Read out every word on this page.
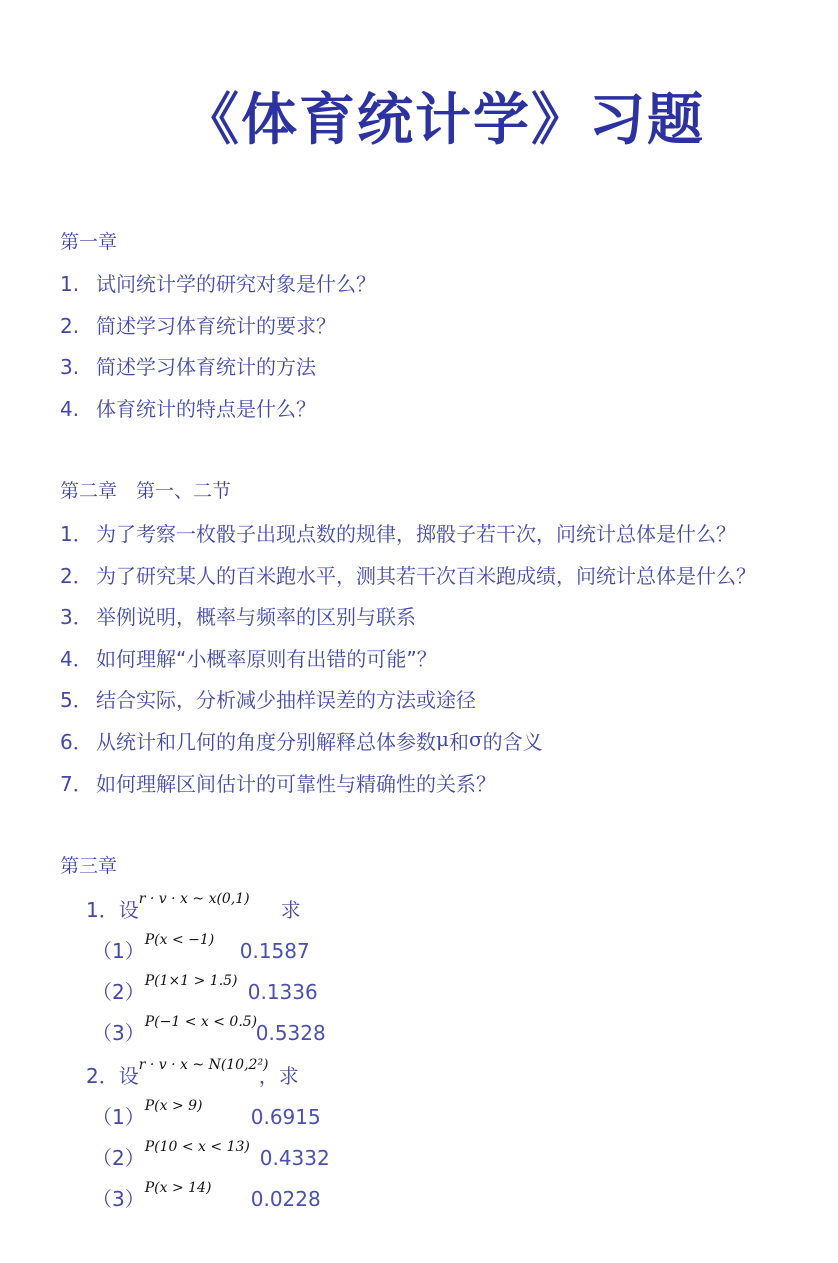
《体育统计学》习题
第一章
1. 试问统计学的研究对象是什么？
2. 简述学习体育统计的要求？
3. 简述学习体育统计的方法
4. 体育统计的特点是什么？
第二章　第一、二节
1． 为了考察一枚骰子出现点数的规律，掷骰子若干次，问统计总体是什么？
2． 为了研究某人的百米跑水平，测其若干次百米跑成绩，问统计总体是什么？
3． 举例说明，概率与频率的区别与联系
4． 如何理解“小概率原则有出错的可能”？
5． 结合实际，分析减少抽样误差的方法或途径
6． 从统计和几何的角度分别解释总体参数μ和σ的含义
7． 如何理解区间估计的可靠性与精确性的关系？
第三章
1．设r · v · x ~ x(0,1) 求
（1）P(x < −1) 0.1587
（2）P(1×1 > 1.5) 0.1336
（3）P(−1 < x < 0.5)0.5328
2．设r · v · x ~ N(10,2²)，求
（1）P(x > 9) 0.6915
（2）P(10 < x < 13) 0.4332
（3）P(x > 14) 0.0228
